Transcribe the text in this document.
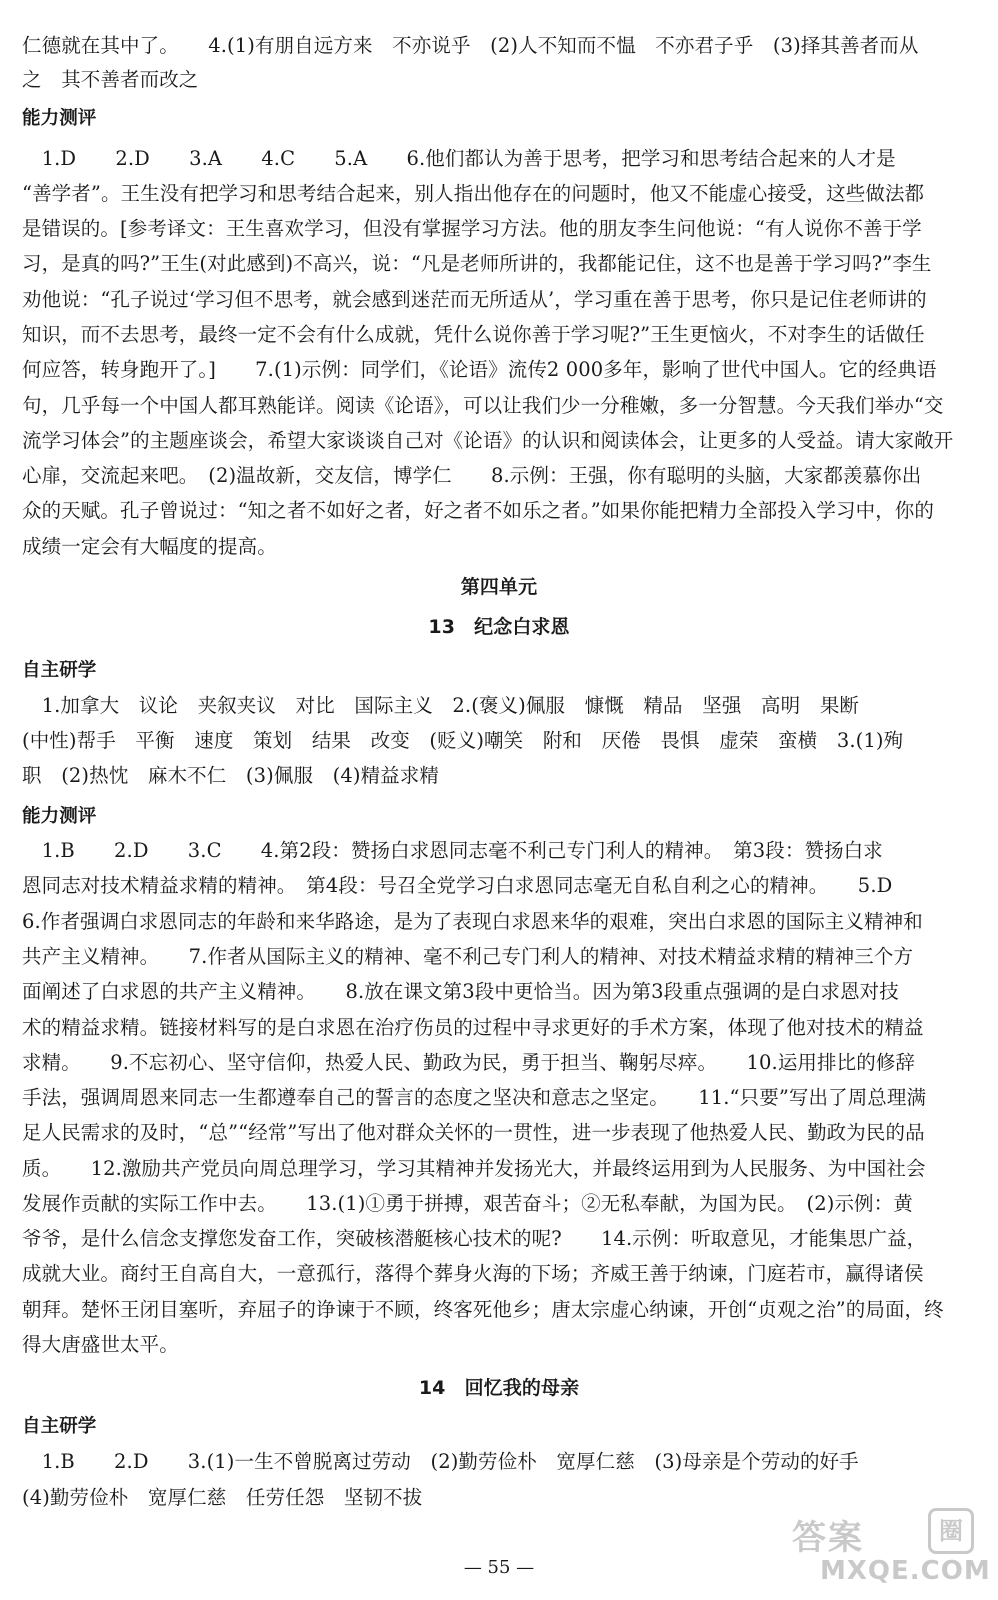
仁德就在其中了。　　4.(1)有朋自远方来　不亦说乎　(2)人不知而不愠　不亦君子乎　(3)择其善者而从
之　其不善者而改之
能力测评
　1.D　　2.D　　3.A　　4.C　　5.A　　6.他们都认为善于思考，把学习和思考结合起来的人才是
“善学者”。王生没有把学习和思考结合起来，别人指出他存在的问题时，他又不能虚心接受，这些做法都
是错误的。[参考译文：王生喜欢学习，但没有掌握学习方法。他的朋友李生问他说：“有人说你不善于学
习，是真的吗?”王生(对此感到)不高兴，说：“凡是老师所讲的，我都能记住，这不也是善于学习吗?”李生
劝他说：“孔子说过‘学习但不思考，就会感到迷茫而无所适从’，学习重在善于思考，你只是记住老师讲的
知识，而不去思考，最终一定不会有什么成就，凭什么说你善于学习呢?”王生更恼火，不对李生的话做任
何应答，转身跑开了。]　　7.(1)示例：同学们，《论语》流传2 000多年，影响了世代中国人。它的经典语
句，几乎每一个中国人都耳熟能详。阅读《论语》，可以让我们少一分稚嫩，多一分智慧。今天我们举办“交
流学习体会”的主题座谈会，希望大家谈谈自己对《论语》的认识和阅读体会，让更多的人受益。请大家敞开
心扉，交流起来吧。　(2)温故新，交友信，博学仁　　8.示例：王强，你有聪明的头脑，大家都羡慕你出
众的天赋。孔子曾说过：“知之者不如好之者，好之者不如乐之者。”如果你能把精力全部投入学习中，你的
成绩一定会有大幅度的提高。
第四单元
13　纪念白求恩
自主研学
　1.加拿大　议论　夹叙夹议　对比　国际主义　2.(褒义)佩服　慷慨　精品　坚强　高明　果断
(中性)帮手　平衡　速度　策划　结果　改变　(贬义)嘲笑　附和　厌倦　畏惧　虚荣　蛮横　3.(1)殉
职　(2)热忱　麻木不仁　(3)佩服　(4)精益求精
能力测评
　1.B　　2.D　　3.C　　4.第2段：赞扬白求恩同志毫不利己专门利人的精神。　第3段：赞扬白求
恩同志对技术精益求精的精神。　第4段：号召全党学习白求恩同志毫无自私自利之心的精神。　　5.D
6.作者强调白求恩同志的年龄和来华路途，是为了表现白求恩来华的艰难，突出白求恩的国际主义精神和
共产主义精神。　　7.作者从国际主义的精神、毫不利己专门利人的精神、对技术精益求精的精神三个方
面阐述了白求恩的共产主义精神。　　8.放在课文第3段中更恰当。因为第3段重点强调的是白求恩对技
术的精益求精。链接材料写的是白求恩在治疗伤员的过程中寻求更好的手术方案，体现了他对技术的精益
求精。　　9.不忘初心、坚守信仰，热爱人民、勤政为民，勇于担当、鞠躬尽瘁。　　10.运用排比的修辞
手法，强调周恩来同志一生都遵奉自己的誓言的态度之坚决和意志之坚定。　　11.“只要”写出了周总理满
足人民需求的及时，“总”“经常”写出了他对群众关怀的一贯性，进一步表现了他热爱人民、勤政为民的品
质。　　12.激励共产党员向周总理学习，学习其精神并发扬光大，并最终运用到为人民服务、为中国社会
发展作贡献的实际工作中去。　　13.(1)①勇于拼搏，艰苦奋斗；②无私奉献，为国为民。　(2)示例：黄
爷爷，是什么信念支撑您发奋工作，突破核潜艇核心技术的呢?　　14.示例：听取意见，才能集思广益，
成就大业。商纣王自高自大，一意孤行，落得个葬身火海的下场；齐威王善于纳谏，门庭若市，赢得诸侯
朝拜。楚怀王闭目塞听，弃屈子的诤谏于不顾，终客死他乡；唐太宗虚心纳谏，开创“贞观之治”的局面，终
得大唐盛世太平。
14　回忆我的母亲
自主研学
　1.B　　2.D　　3.(1)一生不曾脱离过劳动　(2)勤劳俭朴　宽厚仁慈　(3)母亲是个劳动的好手
(4)勤劳俭朴　宽厚仁慈　任劳任怨　坚韧不拔
— 55 —
答案	圈
MXQE.COM
